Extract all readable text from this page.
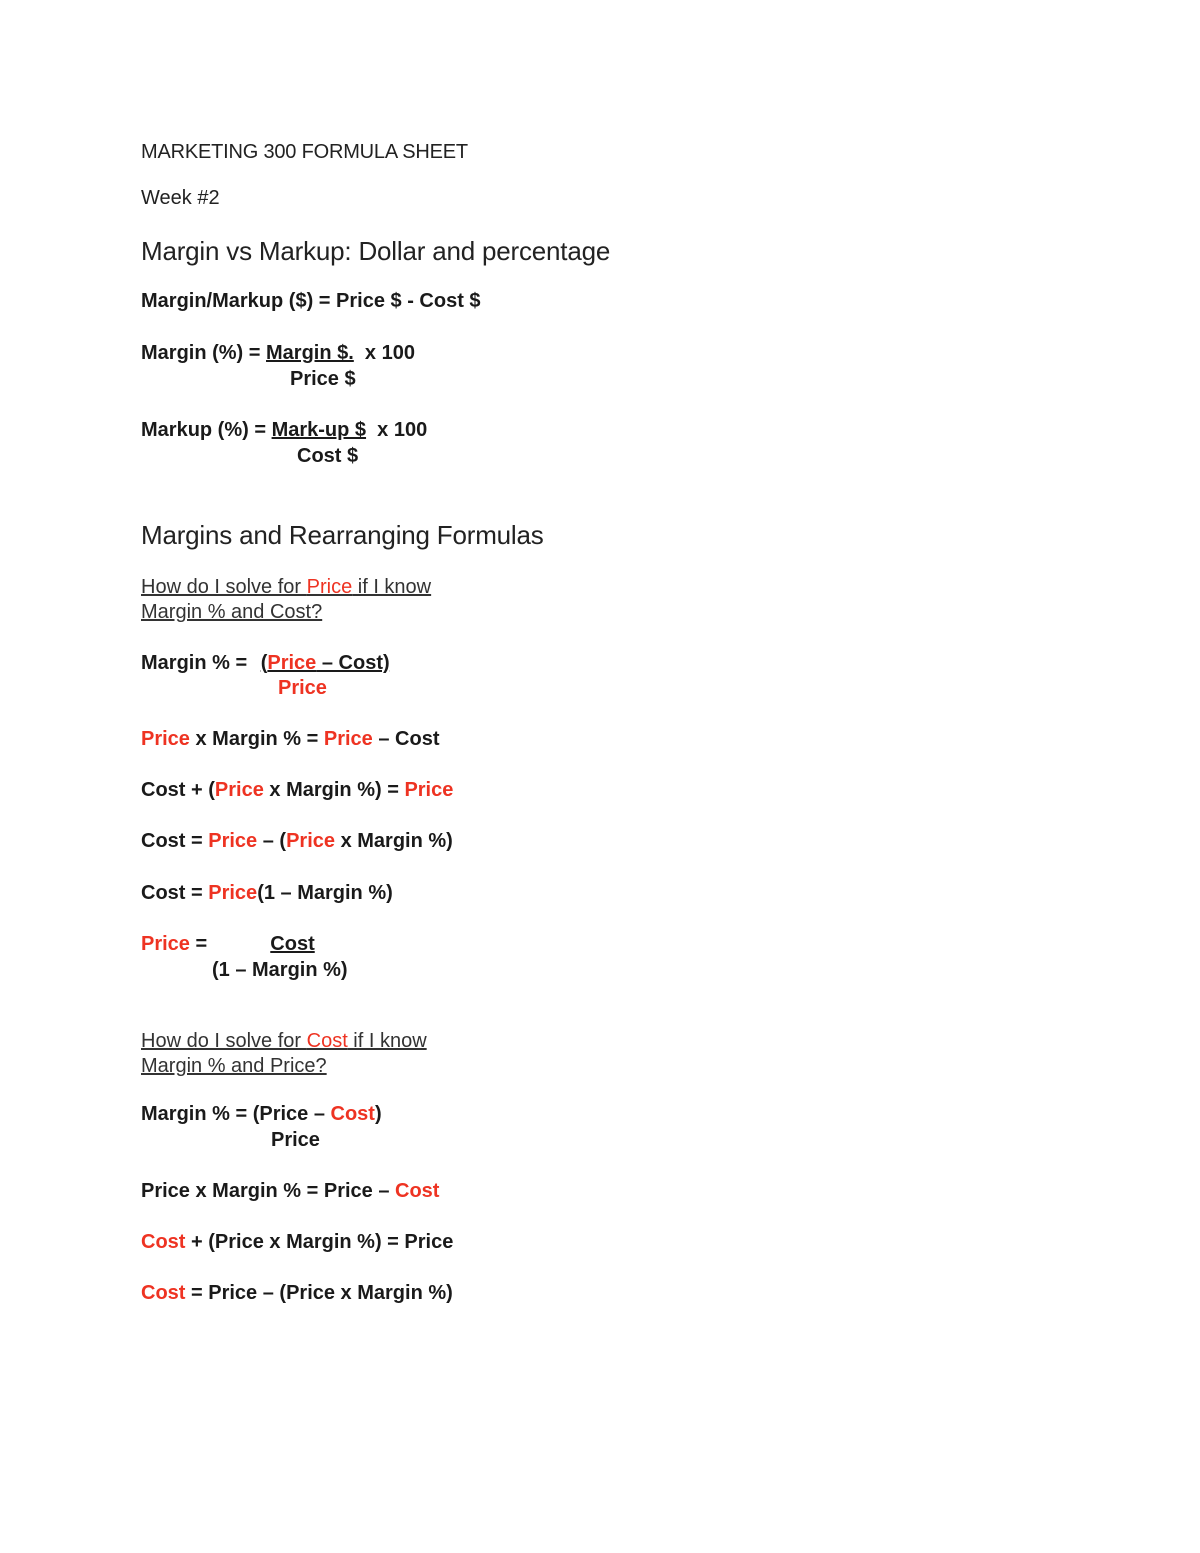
MARKETING 300 FORMULA SHEET
Week #2
Margin vs Markup: Dollar and percentage
Margin/Markup ($) = Price $ - Cost $
Margin (%) = Margin $.  x 100
Price $
Markup (%) = Mark-up $  x 100
Cost $
Margins and Rearranging Formulas
How do I solve for Price if I know
Margin % and Cost?
Margin % = (Price – Cost)
Price
Price x Margin % = Price – Cost
Cost + (Price x Margin %) = Price
Cost = Price – (Price x Margin %)
Cost = Price(1 – Margin %)
Price =	Cost
(1 – Margin %)
How do I solve for Cost if I know
Margin % and Price?
Margin % = (Price – Cost)
Price
Price x Margin % = Price – Cost
Cost + (Price x Margin %) = Price
Cost = Price – (Price x Margin %)
